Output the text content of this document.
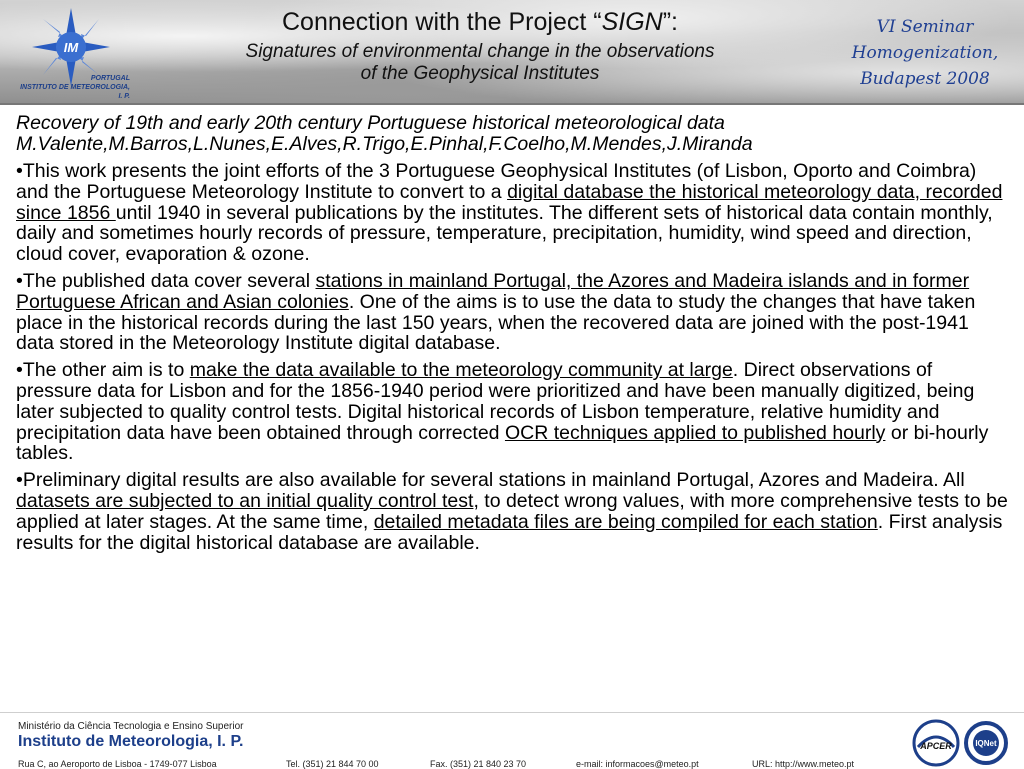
IM
PORTUGAL
INSTITUTO DE METEOROLOGIA, I. P.
Connection with the Project “SIGN”:
Signatures of environmental change in the observations
of the Geophysical Institutes
VI Seminar
Homogenization,
Budapest 2008
Recovery of 19th and early 20th century Portuguese historical meteorological data
M.Valente,M.Barros,L.Nunes,E.Alves,R.Trigo,E.Pinhal,F.Coelho,M.Mendes,J.Miranda
•This work presents the joint efforts of the 3 Portuguese Geophysical Institutes (of Lisbon, Oporto and Coimbra) and the Portuguese Meteorology Institute to convert to a digital database the historical meteorology data, recorded since 1856 until 1940 in several publications by the institutes. The different sets of historical data contain monthly, daily and sometimes hourly records of pressure, temperature, precipitation, humidity, wind speed and direction, cloud cover, evaporation & ozone.
•The published data cover several stations in mainland Portugal, the Azores and Madeira islands and in former Portuguese African and Asian colonies. One of the aims is to use the data to study the changes that have taken place in the historical records during the last 150 years, when the recovered data are joined with the post-1941 data stored in the Meteorology Institute digital database.
•The other aim is to make the data available to the meteorology community at large. Direct observations of pressure data for Lisbon and for the 1856-1940 period were prioritized and have been manually digitized, being later subjected to quality control tests. Digital historical records of Lisbon temperature, relative humidity and precipitation data have been obtained through corrected OCR techniques applied to published hourly or bi-hourly tables.
•Preliminary digital results are also available for several stations in mainland Portugal, Azores and Madeira. All datasets are subjected to an initial quality control test, to detect wrong values, with more comprehensive tests to be applied at later stages. At the same time, detailed metadata files are being compiled for each station. First analysis results for the digital historical database are available.
Ministério da Ciência Tecnologia e Ensino Superior
Instituto de Meteorologia, I. P.
Rua C, ao Aeroporto de Lisboa - 1749-077 Lisboa	Tel. (351) 21 844 70 00	Fax. (351) 21 840 23 70	e-mail: informacoes@meteo.pt	URL: http://www.meteo.pt
APCER	IQNet
